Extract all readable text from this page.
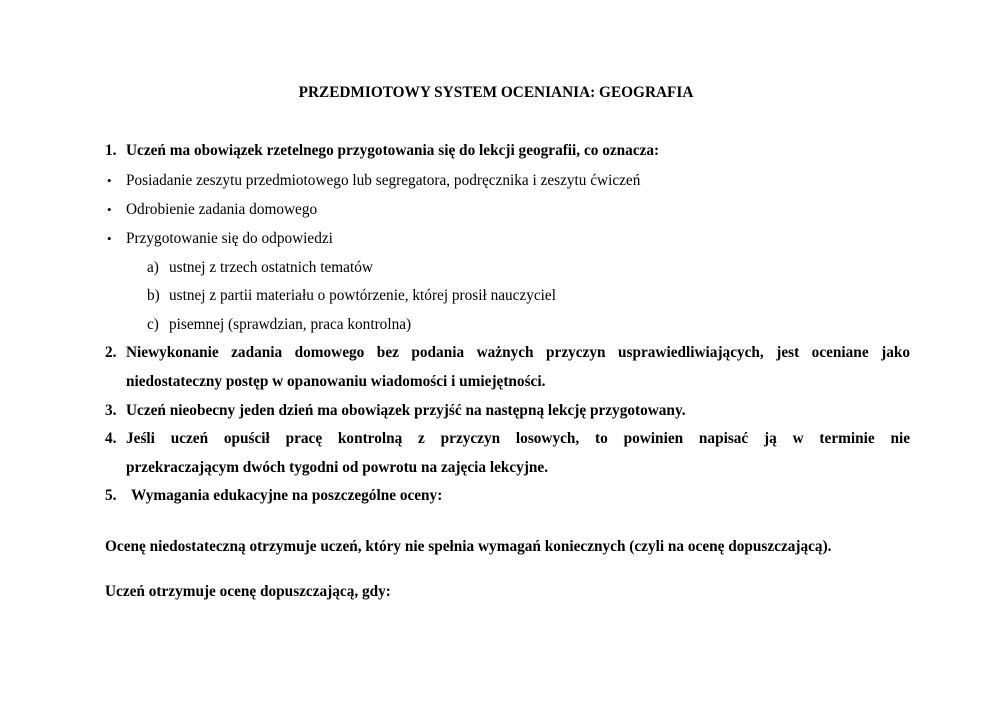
PRZEDMIOTOWY SYSTEM OCENIANIA: GEOGRAFIA
1. Uczeń ma obowiązek rzetelnego przygotowania się do lekcji geografii, co oznacza:
• Posiadanie zeszytu przedmiotowego lub segregatora, podręcznika i zeszytu ćwiczeń
• Odrobienie zadania domowego
• Przygotowanie się do odpowiedzi
a) ustnej z trzech ostatnich tematów
b) ustnej z partii materiału o powtórzenie, której prosił nauczyciel
c) pisemnej (sprawdzian, praca kontrolna)
2. Niewykonanie zadania domowego bez podania ważnych przyczyn usprawiedliwiających, jest oceniane jako
niedostateczny postęp w opanowaniu wiadomości i umiejętności.
3. Uczeń nieobecny jeden dzień ma obowiązek przyjść na następną lekcję przygotowany.
4. Jeśli uczeń opuścił pracę kontrolną z przyczyn losowych, to powinien napisać ją w terminie nie
przekraczającym dwóch tygodni od powrotu na zajęcia lekcyjne.
5. Wymagania edukacyjne na poszczególne oceny:
Ocenę niedostateczną otrzymuje uczeń, który nie spełnia wymagań koniecznych (czyli na ocenę dopuszczającą).
Uczeń otrzymuje ocenę dopuszczającą, gdy:
